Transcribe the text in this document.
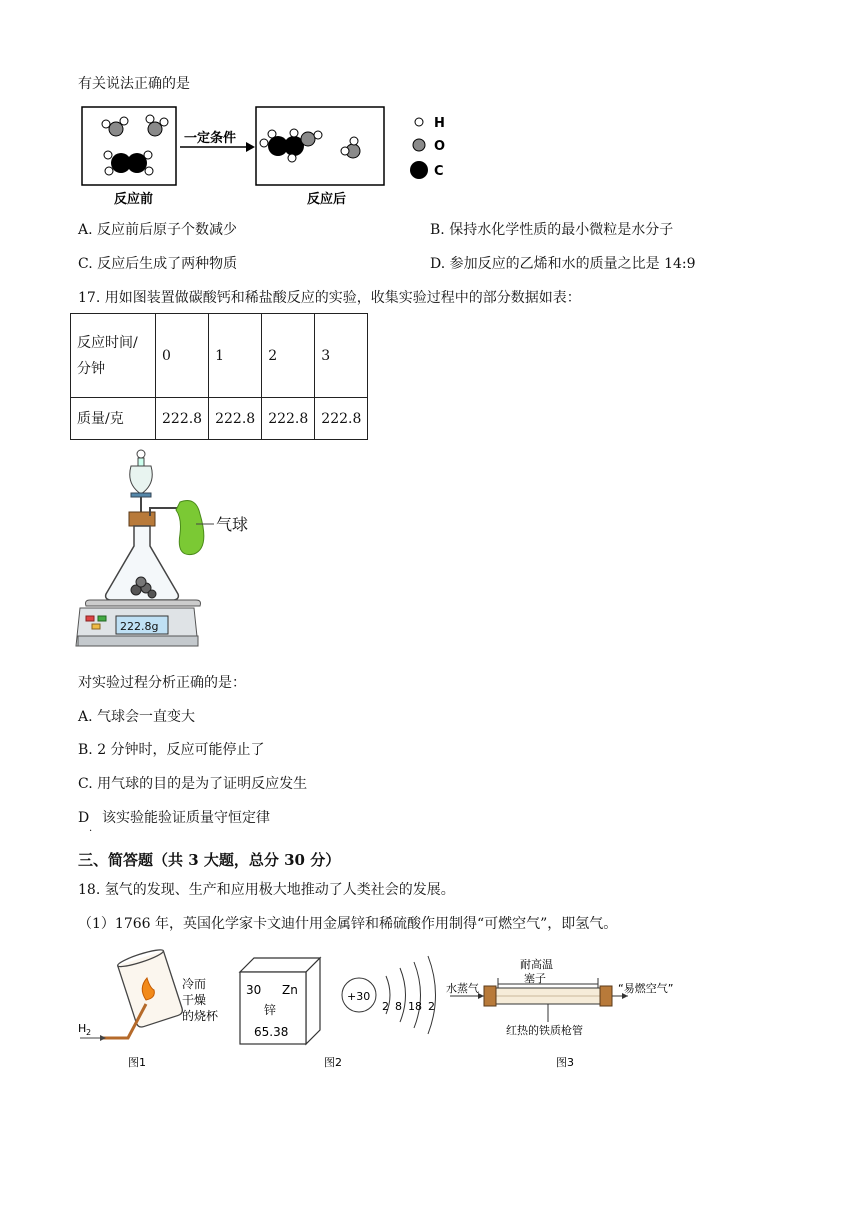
有关说法正确的是
一定条件
H
O
C
反应前	反应后
A. 反应前后原子个数减少	B. 保持水化学性质的最小微粒是水分子
C. 反应后生成了两种物质	D. 参加反应的乙烯和水的质量之比是 14:9
17. 用如图装置做碳酸钙和稀盐酸反应的实验，收集实验过程中的部分数据如表：
反应时间/
分钟	0	1	2	3
质量/克	222.8	222.8	222.8	222.8
气球
222.8g
对实验过程分析正确的是：
A. 气球会一直变大
B. 2 分钟时，反应可能停止了
C. 用气球的目的是为了证明反应发生
D
.
该实验能验证质量守恒定律
三、简答题（共 3 大题，总分 30 分）
18. 氢气的发现、生产和应用极大地推动了人类社会的发展。
（1）1766 年，英国化学家卡文迪什用金属锌和稀硫酸作用制得“可燃空气”，即氢气。
H 2
冷而
干燥
的烧杯
图1
30 Zn
锌
65.38
+30
2 8 18 2
图2
耐高温
塞子
水蒸气	“易燃空气”
红热的铁质枪管
图3
